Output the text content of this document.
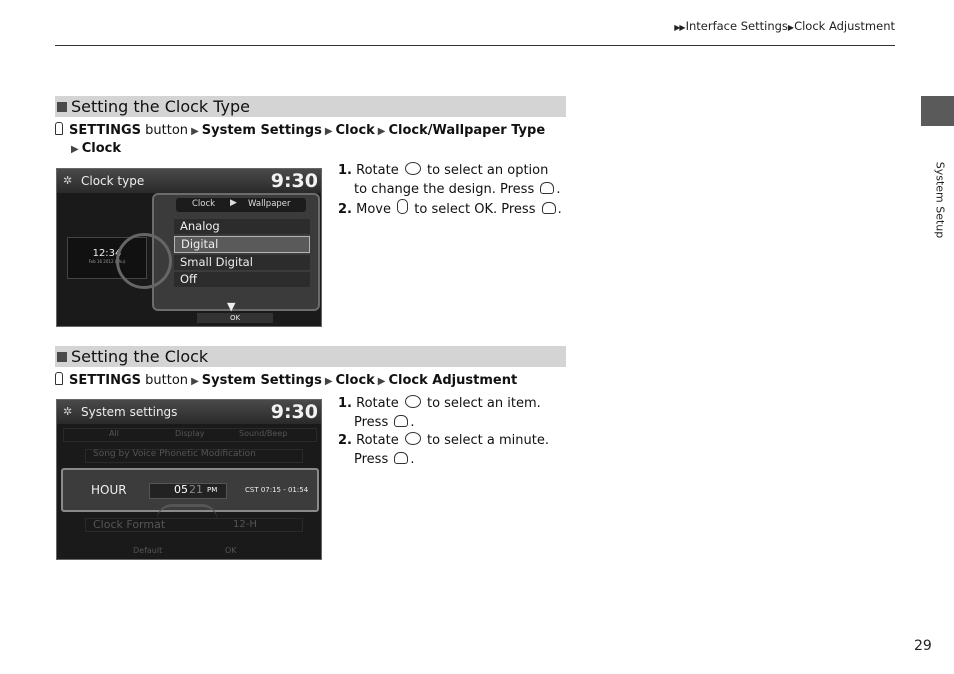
▶▶Interface Settings▶Clock Adjustment
System Setup
Setting the Clock Type
SETTINGS button ▶ System Settings ▶ Clock ▶ Clock/Wallpaper Type
▶ Clock
✲ Clock type	9:30
12:34
Feb 16 2012 (Thu)
Clock ▶ Wallpaper
Analog
Digital
Small Digital
Off
▼
OK
1. Rotate to select an option to change the design. Press .
2. Move to select OK. Press .
Setting the Clock
SETTINGS button ▶ System Settings ▶ Clock ▶ Clock Adjustment
✲ System settings	9:30
All	Display	Sound/Beep
Song by Voice Phonetic Modification
HOUR	05 21 PM	CST 07:15 - 01:54
Clock Format	12-H
Default	OK
1. Rotate to select an item. Press .
2. Rotate to select a minute.
Press .
29
